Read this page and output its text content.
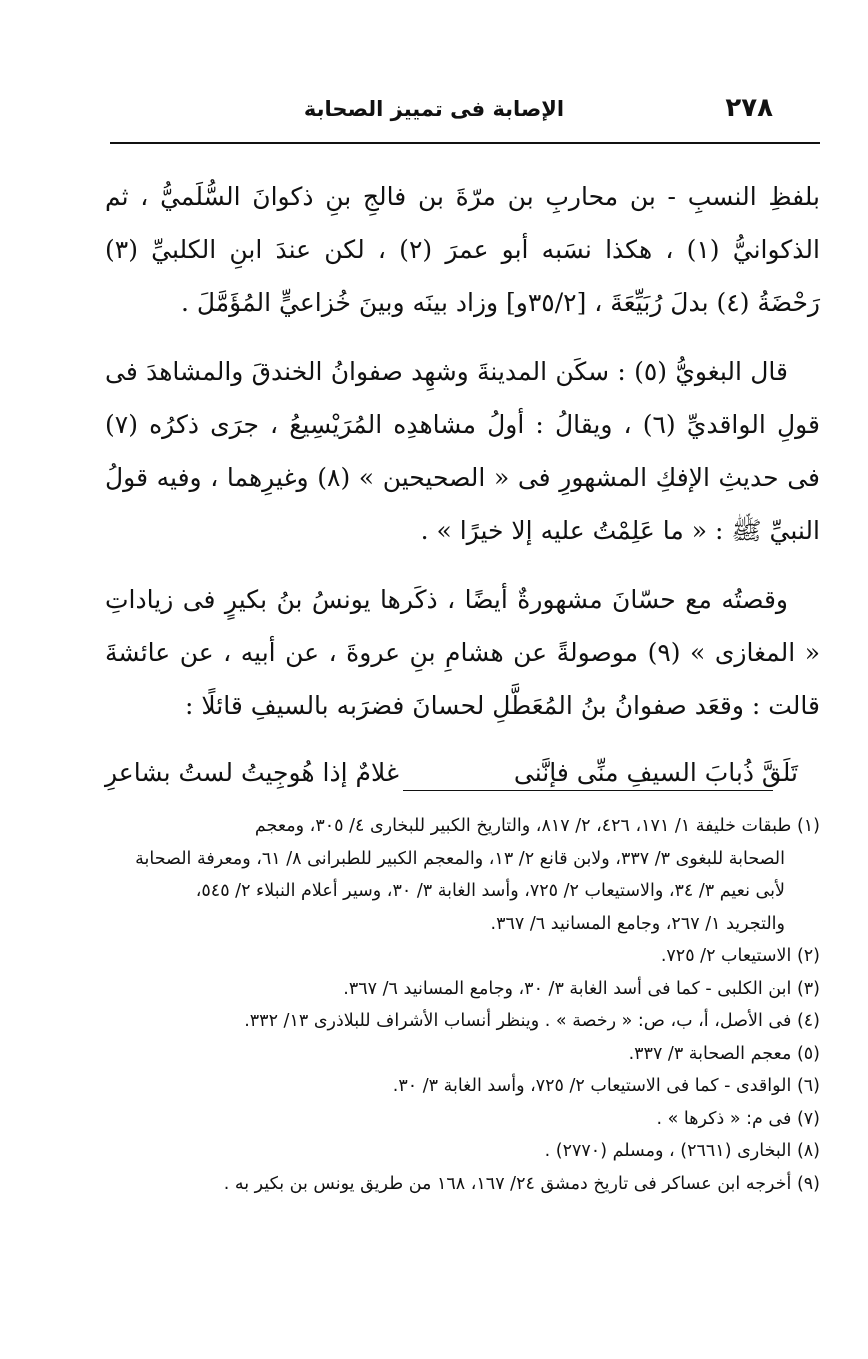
٢٧٨
الإصابة فى تمييز الصحابة

بلفظِ النسبِ - بن محاربِ بن مرّةَ بن فالجِ بنِ ذكوانَ السُّلَميُّ ، ثم الذكوانيُّ (١) ، هكذا نسَبه أبو عمرَ (٢) ، لكن عندَ ابنِ الكلبيِّ (٣) رَحْضَةُ (٤) بدلَ رُبَيِّعَةَ ، [٣٥/٢و] وزاد بينَه وبينَ خُزاعيٍّ المُؤَمَّلَ .

قال البغويُّ (٥) : سكَن المدينةَ وشهِد صفوانُ الخندقَ والمشاهدَ فى قولِ الواقديِّ (٦) ، ويقالُ : أولُ مشاهدِه المُرَيْسِيعُ ، جرَى ذكرُه (٧) فى حديثِ الإفكِ المشهورِ فى « الصحيحين » (٨) وغيرِهما ، وفيه قولُ النبيِّ ﷺ : « ما عَلِمْتُ عليه إلا خيرًا » .

وقصتُه مع حسّانَ مشهورةٌ أيضًا ، ذكَرها يونسُ بنُ بكيرٍ فى زياداتِ « المغازى » (٩) موصولةً عن هشامِ بنِ عروةَ ، عن أبيه ، عن عائشةَ قالت : وقعَد صفوانُ بنُ المُعَطَّلِ لحسانَ فضرَبه بالسيفِ قائلًا :

تَلَقَّ ذُبابَ السيفِ منِّى فإنَّنى
غلامٌ إذا هُوجِيتُ لستُ بشاعرِ

(١) طبقات خليفة ١/ ١٧١، ٤٢٦، ٢/ ٨١٧، والتاريخ الكبير للبخارى ٤/ ٣٠٥، ومعجم
الصحابة للبغوى ٣/ ٣٣٧، ولابن قانع ٢/ ١٣، والمعجم الكبير للطبرانى ٨/ ٦١، ومعرفة الصحابة
لأبى نعيم ٣/ ٣٤، والاستيعاب ٢/ ٧٢٥، وأسد الغابة ٣/ ٣٠، وسير أعلام النبلاء ٢/ ٥٤٥،
والتجريد ١/ ٢٦٧، وجامع المسانيد ٦/ ٣٦٧.

(٢) الاستيعاب ٢/ ٧٢٥.

(٣) ابن الكلبى - كما فى أسد الغابة ٣/ ٣٠، وجامع المسانيد ٦/ ٣٦٧.

(٤) فى الأصل، أ، ب، ص: « رخصة » . وينظر أنساب الأشراف للبلاذرى ١٣/ ٣٣٢.

(٥) معجم الصحابة ٣/ ٣٣٧.

(٦) الواقدى - كما فى الاستيعاب ٢/ ٧٢٥، وأسد الغابة ٣/ ٣٠.

(٧) فى م: « ذكرها » .

(٨) البخارى (٢٦٦١) ، ومسلم (٢٧٧٠) .

(٩) أخرجه ابن عساكر فى تاريخ دمشق ٢٤/ ١٦٧، ١٦٨ من طريق يونس بن بكير به .
